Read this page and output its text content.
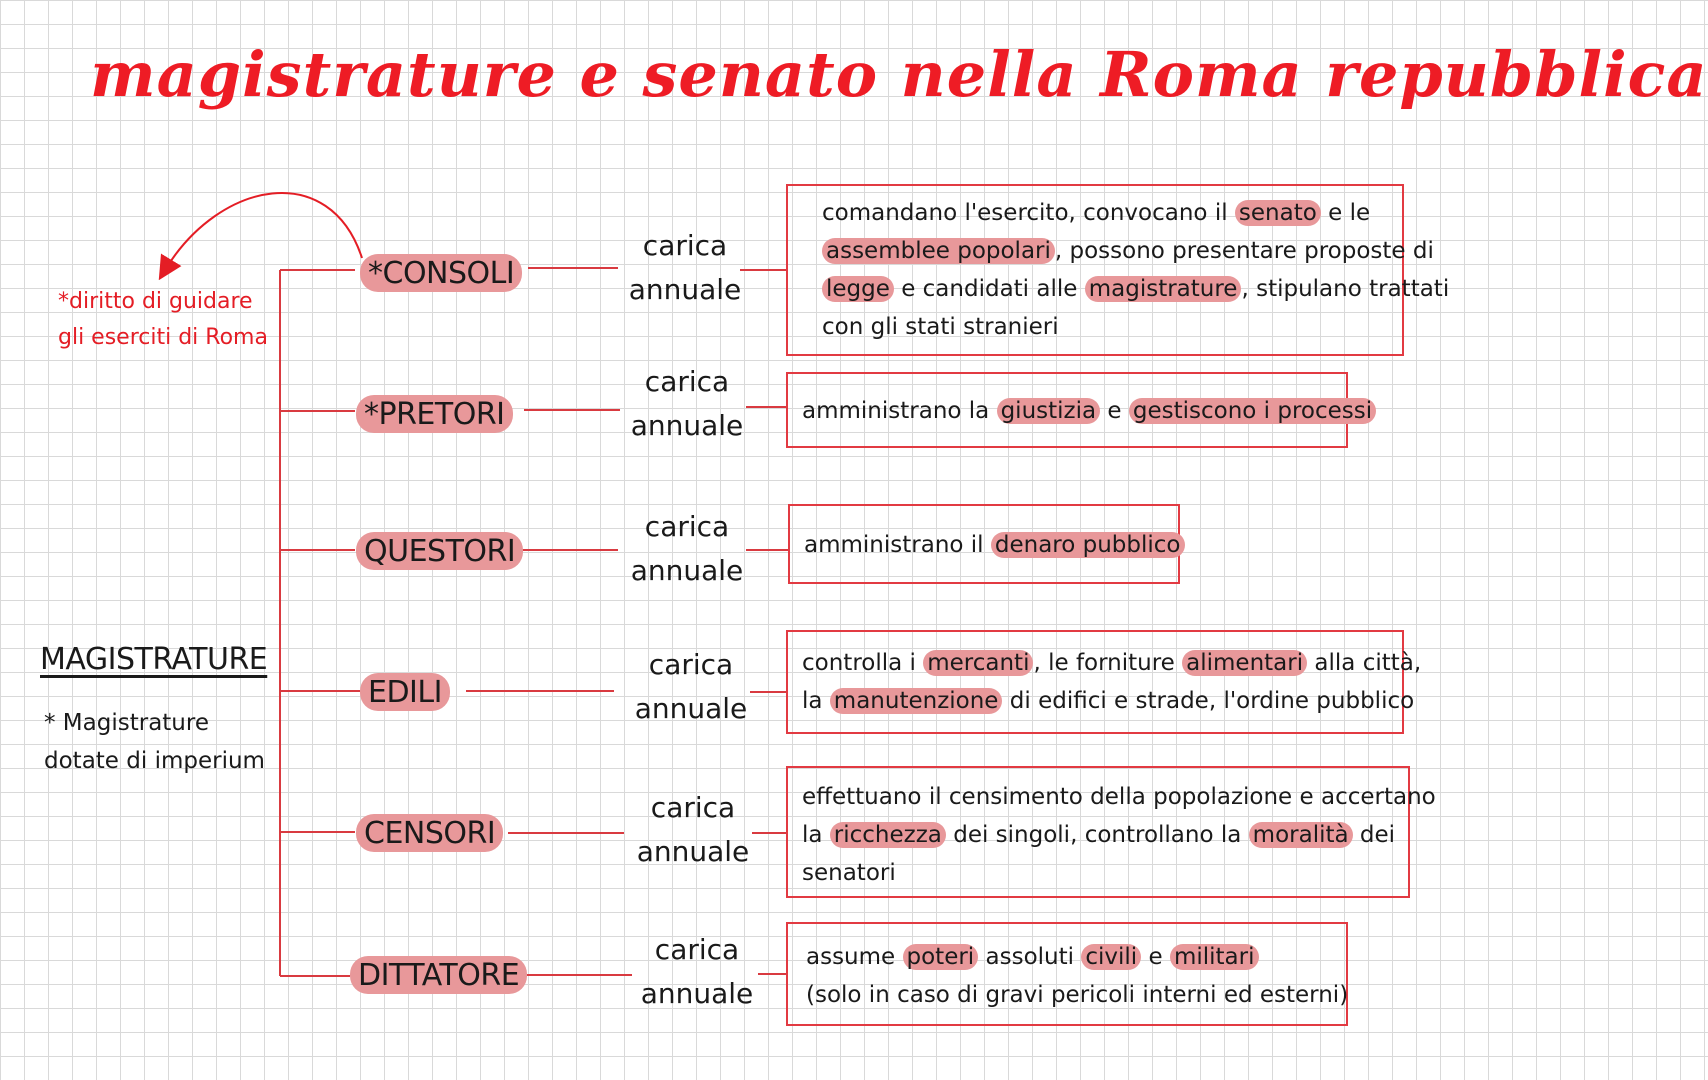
magistrature e senato nella Roma repubblica
*diritto di guidare
gli eserciti di Roma
MAGISTRATURE
* Magistrature
dotate di imperium
*CONSOLI
*PRETORI
QUESTORI
EDILI
CENSORI
DITTATORE
carica
annuale
carica
annuale
carica
annuale
carica
annuale
carica
annuale
carica
annuale
comandano l'esercito, convocano il senato e le
assemblee popolari , possono presentare proposte di
legge e candidati alle magistrature , stipulano trattati
con gli stati stranieri
amministrano la giustizia e gestiscono i processi
amministrano il denaro pubblico
controlla i mercanti , le forniture alimentari alla città,
la manutenzione di edifici e strade, l'ordine pubblico
effettuano il censimento della popolazione e accertano
la ricchezza dei singoli, controllano la moralità dei
senatori
assume poteri assoluti civili e militari
(solo in caso di gravi pericoli interni ed esterni)
